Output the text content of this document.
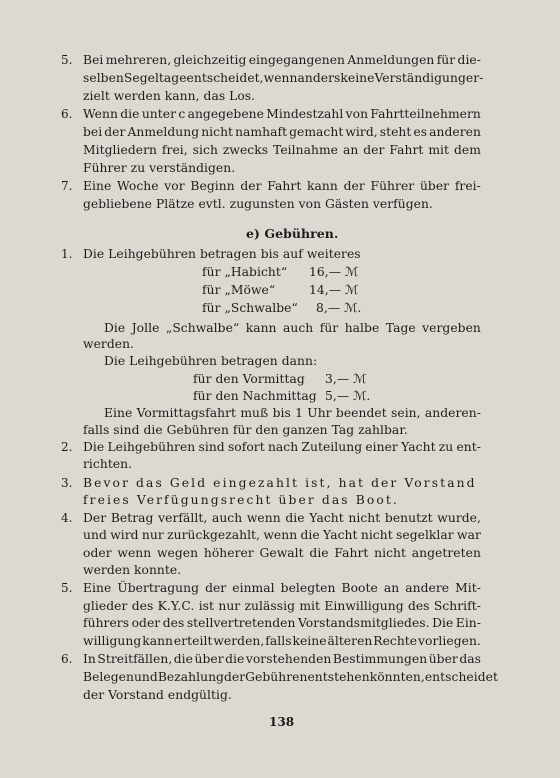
5. Bei mehreren, gleichzeitig eingegangenen Anmeldungen für die-
selben Segeltage entscheidet, wenn anders keine Verständigung er-
zielt werden kann, das Los.
6. Wenn die unter c angegebene Mindestzahl von Fahrtteilnehmern
bei der Anmeldung nicht namhaft gemacht wird, steht es anderen
Mitgliedern frei, sich zwecks Teilnahme an der Fahrt mit dem
Führer zu verständigen.
7. Eine Woche vor Beginn der Fahrt kann der Führer über frei-
gebliebene Plätze evtl. zugunsten von Gästen verfügen.
e) Gebühren.
1. Die Leihgebühren betragen bis auf weiteres
für „Habicht“ 16,— ℳ
für „Möwe“	14,— ℳ
für „Schwalbe“ 8,— ℳ.
Die Jolle „Schwalbe“ kann auch für halbe Tage vergeben
werden.
Die Leihgebühren betragen dann:
für den Vormittag 3,— ℳ
für den Nachmittag 5,— ℳ.
Eine Vormittagsfahrt muß bis 1 Uhr beendet sein, anderen-
falls sind die Gebühren für den ganzen Tag zahlbar.
2. Die Leihgebühren sind sofort nach Zuteilung einer Yacht zu ent-
richten.
3. Bevor das Geld eingezahlt ist, hat der Vorstand
freies Verfügungsrecht über das Boot.
4. Der Betrag verfällt, auch wenn die Yacht nicht benutzt wurde,
und wird nur zurückgezahlt, wenn die Yacht nicht segelklar war
oder wenn wegen höherer Gewalt die Fahrt nicht angetreten
werden konnte.
5. Eine Übertragung der einmal belegten Boote an andere Mit-
glieder des K.Y.C. ist nur zulässig mit Einwilligung des Schrift-
führers oder des stellvertretenden Vorstandsmitgliedes. Die Ein-
willigung kann erteilt werden, falls keine älteren Rechte vorliegen.
6. In Streitfällen, die über die vorstehenden Bestimmungen über das
Belegen und Bezahlung der Gebühren entstehen könnten, entscheidet
der Vorstand endgültig.
138
